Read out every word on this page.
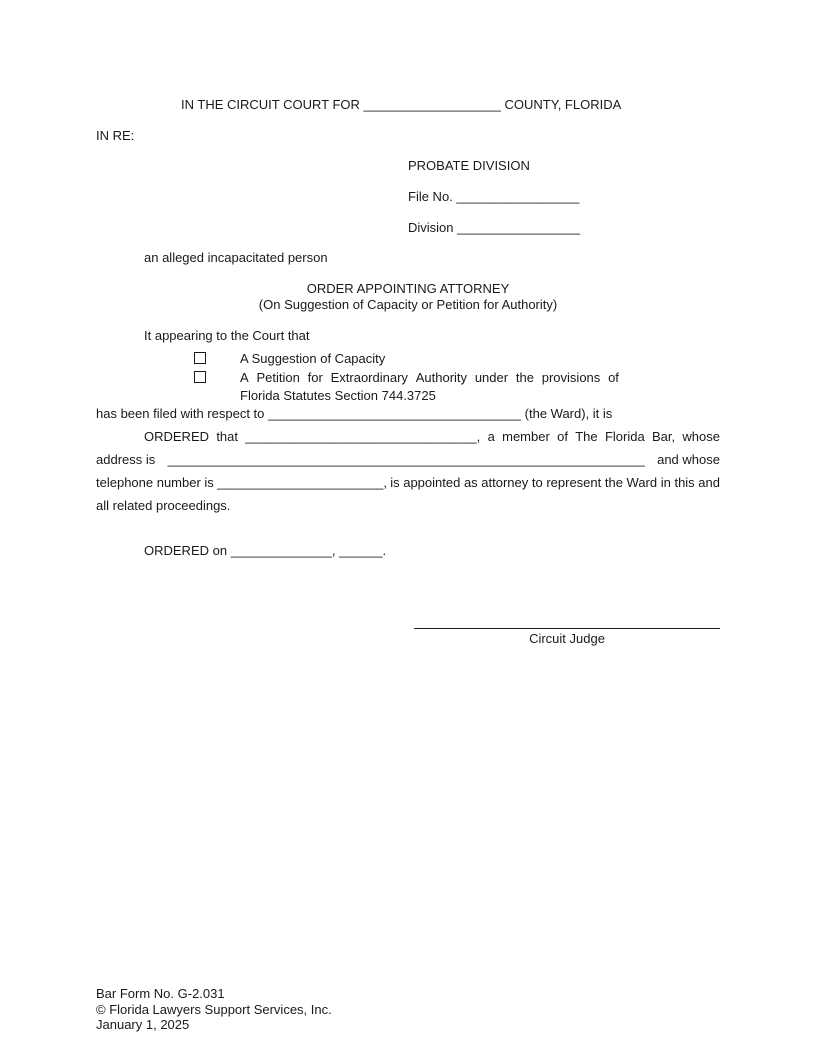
IN THE CIRCUIT COURT FOR ___________________ COUNTY, FLORIDA
IN RE:
PROBATE DIVISION
File No. _________________
Division _________________
an alleged incapacitated person
ORDER APPOINTING ATTORNEY
(On Suggestion of Capacity or Petition for Authority)
It appearing to the Court that
A Suggestion of Capacity
A Petition for Extraordinary Authority under the provisions of
Florida Statutes Section 744.3725
has been filed with respect to ___________________________________ (the Ward), it is
ORDERED that ________________________________, a member of The Florida Bar, whose
address is __________________________________________________________________ and whose
telephone number is _______________________, is appointed as attorney to represent the Ward in this and
all related proceedings.
ORDERED on ______________, ______.
Circuit Judge
Bar Form No. G-2.031
© Florida Lawyers Support Services, Inc.
January 1, 2025
